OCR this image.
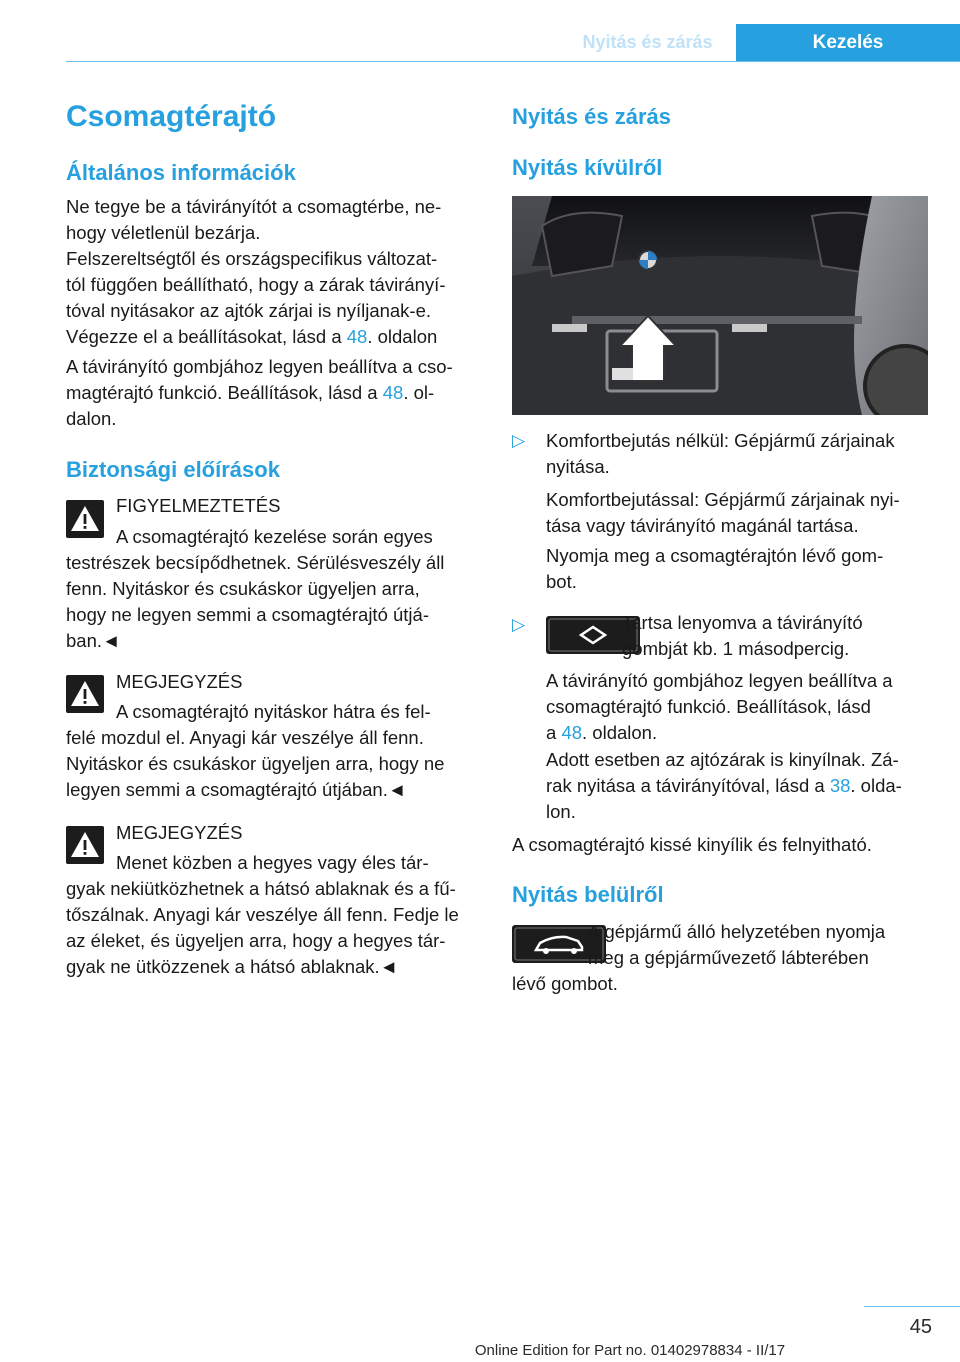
Nyitás és zárás	Kezelés
Csomagtérajtó
Általános információk

Ne tegye be a távirányítót a csomagtérbe, ne-
hogy véletlenül bezárja.

Felszereltségtől és országspecifikus változat-
tól függően beállítható, hogy a zárak távirányí-
tóval nyitásakor az ajtók zárjai is nyíljanak-e.
Végezze el a beállításokat, lásd a 48. oldalon

A távirányító gombjához legyen beállítva a cso-
magtérajtó funkció. Beállítások, lásd a 48. ol-
dalon.

Biztonsági előírások

FIGYELMEZTETÉS

A csomagtérajtó kezelése során egyes
testrészek becsípődhetnek. Sérülésveszély áll
fenn. Nyitáskor és csukáskor ügyeljen arra,
hogy ne legyen semmi a csomagtérajtó útjá-
ban.◄

MEGJEGYZÉS

A csomagtérajtó nyitáskor hátra és fel-
felé mozdul el. Anyagi kár veszélye áll fenn.
Nyitáskor és csukáskor ügyeljen arra, hogy ne
legyen semmi a csomagtérajtó útjában.◄

MEGJEGYZÉS

Menet közben a hegyes vagy éles tár-
gyak nekiütközhetnek a hátsó ablaknak és a fű-
tőszálnak. Anyagi kár veszélye áll fenn. Fedje le
az éleket, és ügyeljen arra, hogy a hegyes tár-
gyak ne ütközzenek a hátsó ablaknak.◄

Nyitás és zárás
Nyitás kívülről
▷ Komfortbejutás nélkül: Gépjármű zárjainak
nyitása.

Komfortbejutással: Gépjármű zárjainak nyi-
tása vagy távirányító magánál tartása.

Nyomja meg a csomagtérajtón lévő gom-
bot.

▷	Tartsa lenyomva a távirányító
gombját kb. 1 másodpercig.

A távirányító gombjához legyen beállítva a
csomagtérajtó funkció. Beállítások, lásd
a 48. oldalon.

Adott esetben az ajtózárak is kinyílnak. Zá-
rak nyitása a távirányítóval, lásd a 38. olda-
lon.

A csomagtérajtó kissé kinyílik és felnyitható.

Nyitás belülről

A gépjármű álló helyzetében nyomja
meg a gépjárművezető lábterében
lévő gombot.

45
Online Edition for Part no. 01402978834 - II/17
